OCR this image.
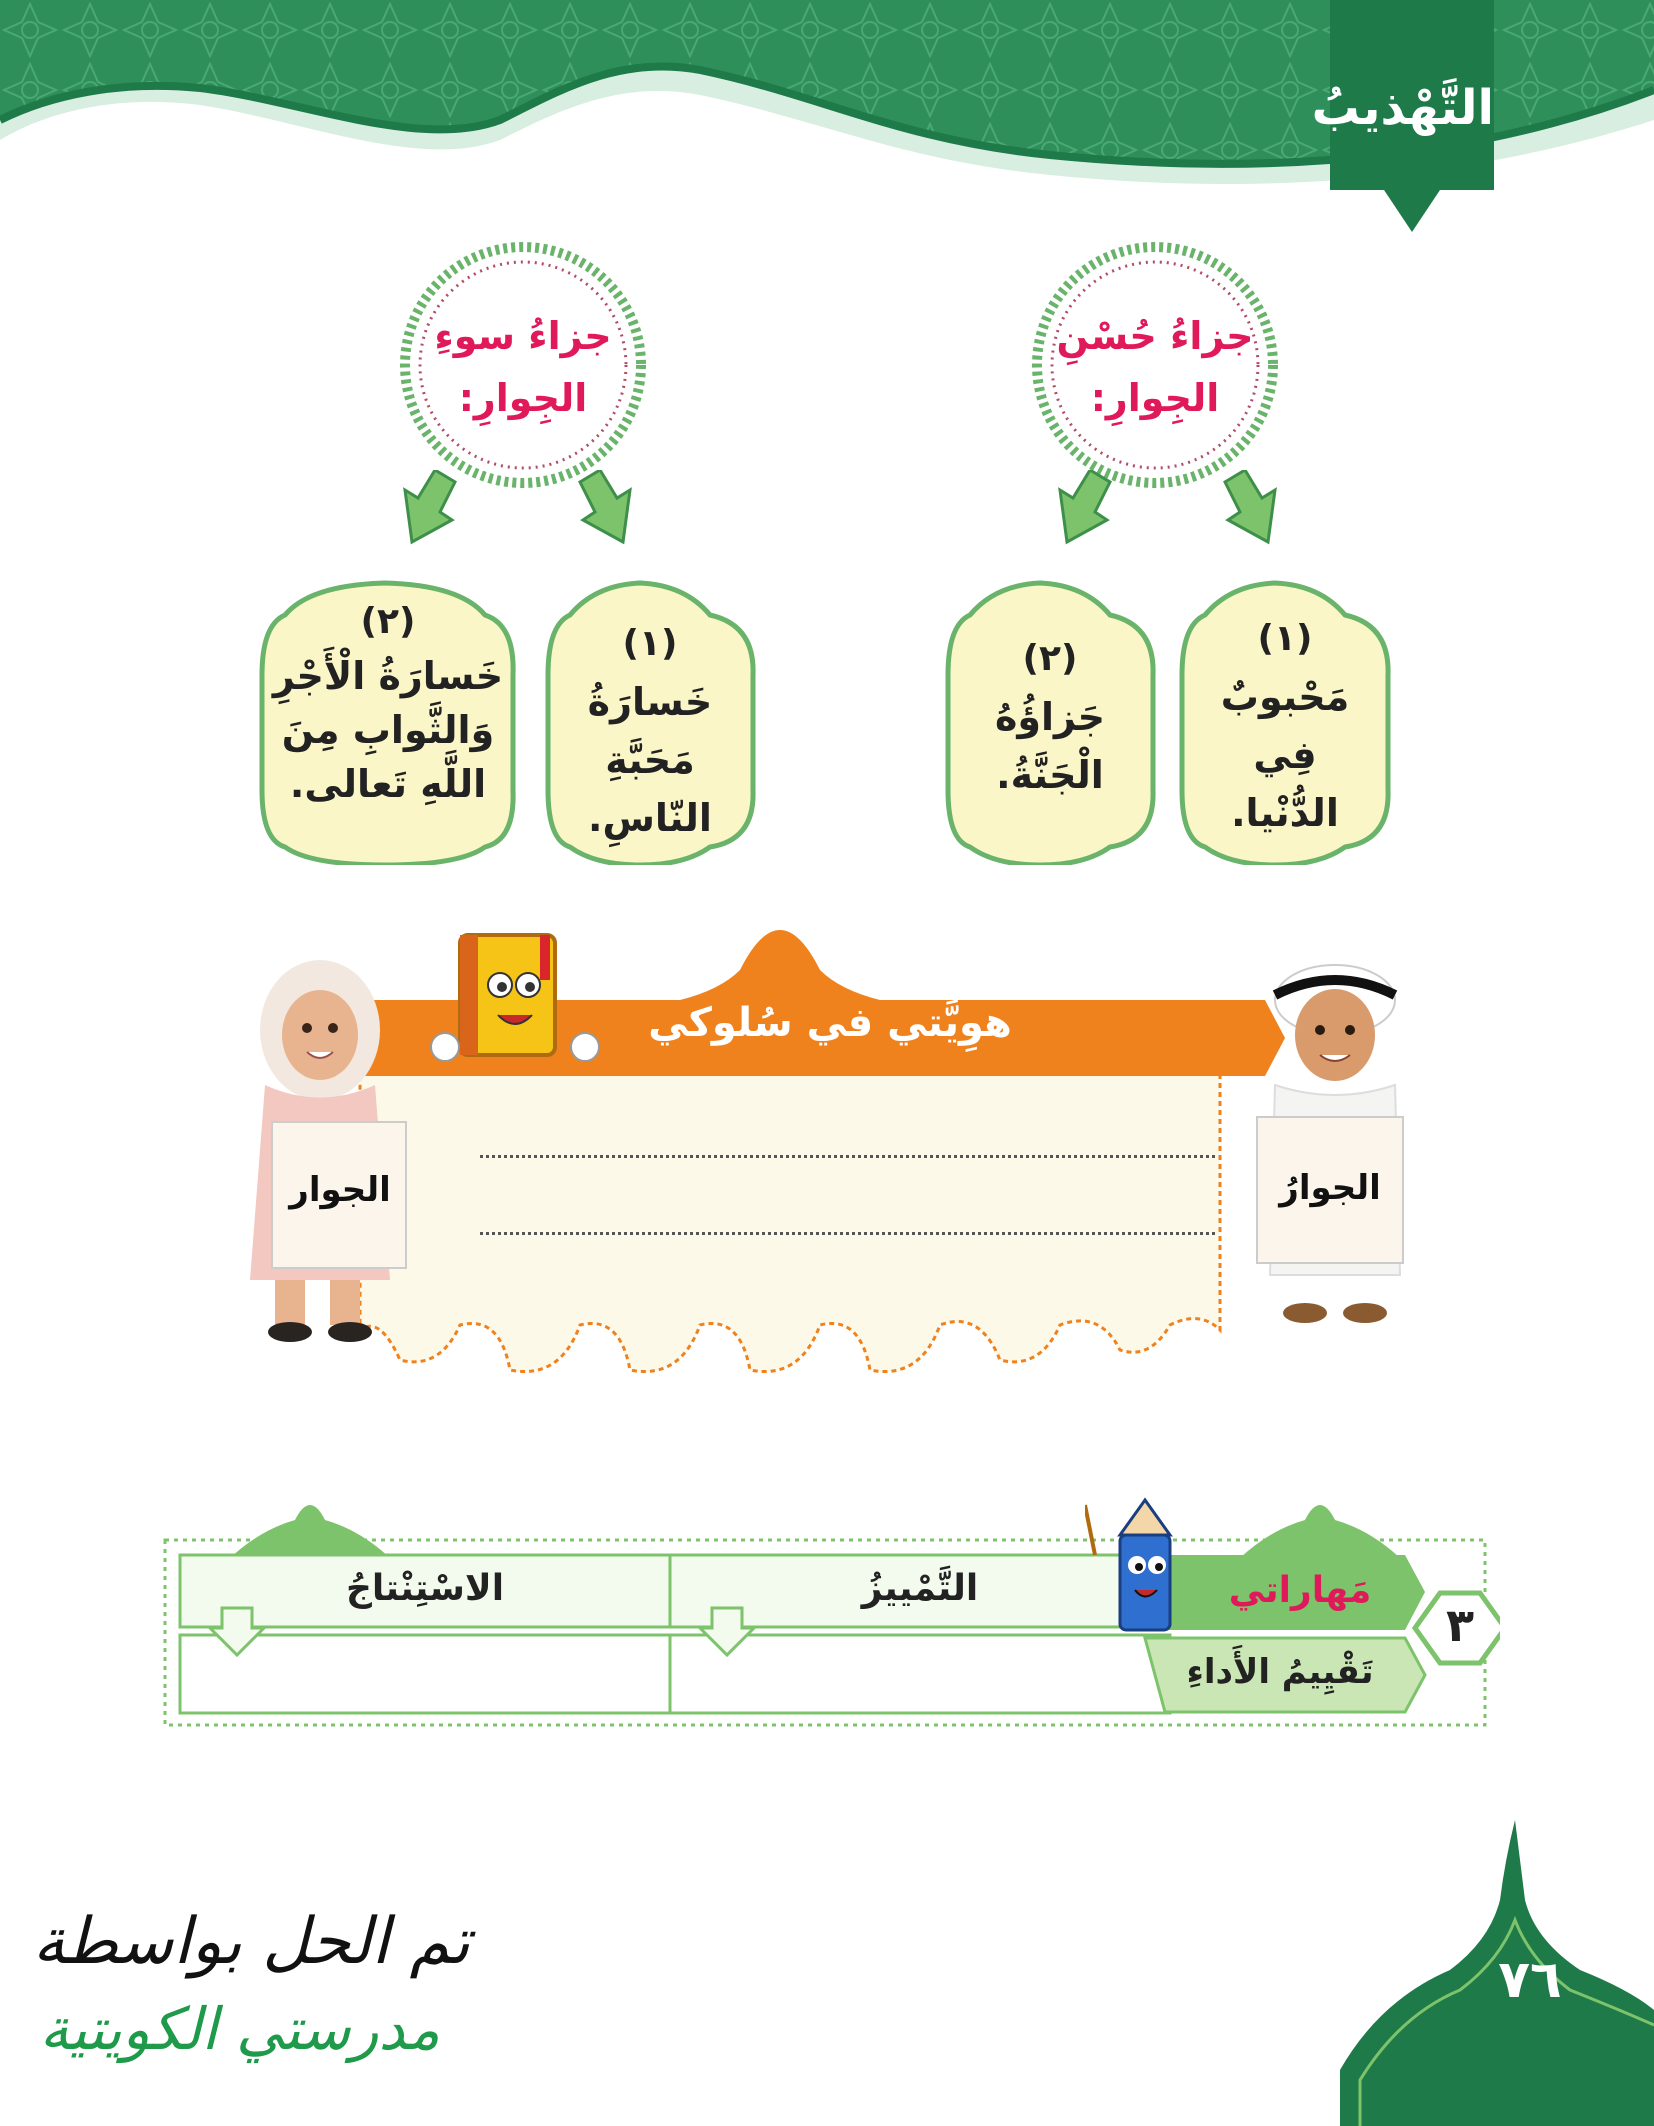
التَّهْذيبُ
جزاءُ حُسْنِ
الجِوارِ:
جزاءُ سوءِ
الجِوارِ:
(١)
مَحْبوبٌ فِي
الدُّنْيا.
(٢)
جَزاؤُهُ الْجَنَّةُ.
(١)
خَسارَةُ مَحَبَّةِ
النّاسِ.
(٢)
خَسارَةُ الْأَجْرِ
وَالثَّوابِ مِنَ
اللَّهِ تَعالى.
هوِيَّتي في سُلوكي
الجوار	الجوارُ
التَّمْييزُ
الاسْتِنْتاجُ	مَهاراتي
تَقْيِيمُ الأَداءِ
٣
٧٦
تم الحل بواسطة
مدرستي الكويتية
